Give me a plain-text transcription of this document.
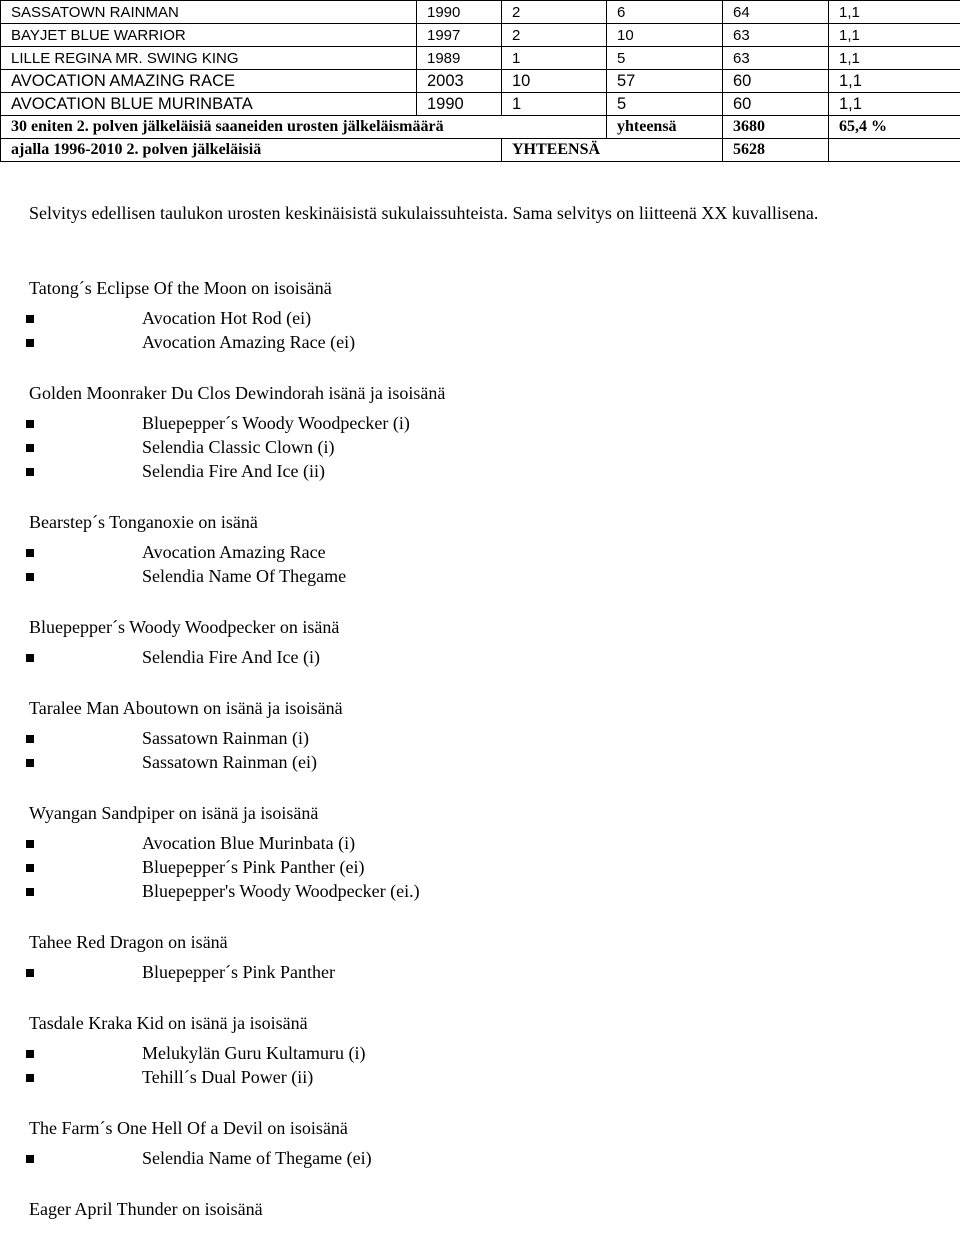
SASSATOWN RAINMAN	1990	2	6	64	1,1
BAYJET BLUE WARRIOR	1997	2	10	63	1,1
LILLE REGINA MR. SWING KING	1989	1	5	63	1,1
AVOCATION AMAZING RACE	2003	10	57	60	1,1
AVOCATION BLUE MURINBATA	1990	1	5	60	1,1
30 eniten 2. polven jälkeläisiä saaneiden urosten jälkeläismäärä			yhteensä	3680	65,4 %
ajalla 1996-2010 2. polven jälkeläisiä		YHTEENSÄ		5628	

Selvitys edellisen taulukon urosten keskinäisistä sukulaissuhteista. Sama selvitys on liitteenä XX kuvallisena.

Tatong´s Eclipse Of the Moon on isoisänä

Avocation Hot Rod (ei)
Avocation Amazing Race (ei)

Golden Moonraker Du Clos Dewindorah isänä ja isoisänä

Bluepepper´s Woody Woodpecker (i)
Selendia Classic Clown (i)
Selendia Fire And Ice (ii)

Bearstep´s Tonganoxie on isänä

Avocation Amazing Race
Selendia Name Of Thegame

Bluepepper´s Woody Woodpecker on isänä

Selendia Fire And Ice (i)

Taralee Man Aboutown on isänä ja isoisänä

Sassatown Rainman (i)
Sassatown Rainman (ei)

Wyangan Sandpiper on isänä ja isoisänä

Avocation Blue Murinbata (i)
Bluepepper´s Pink Panther (ei)
Bluepepper's Woody Woodpecker (ei.)

Tahee Red Dragon on isänä

Bluepepper´s Pink Panther

Tasdale Kraka Kid on isänä ja isoisänä

Melukylän Guru Kultamuru (i)
Tehill´s Dual Power (ii)

The Farm´s One Hell Of a Devil on isoisänä

Selendia Name of Thegame (ei)

Eager April Thunder on isoisänä
